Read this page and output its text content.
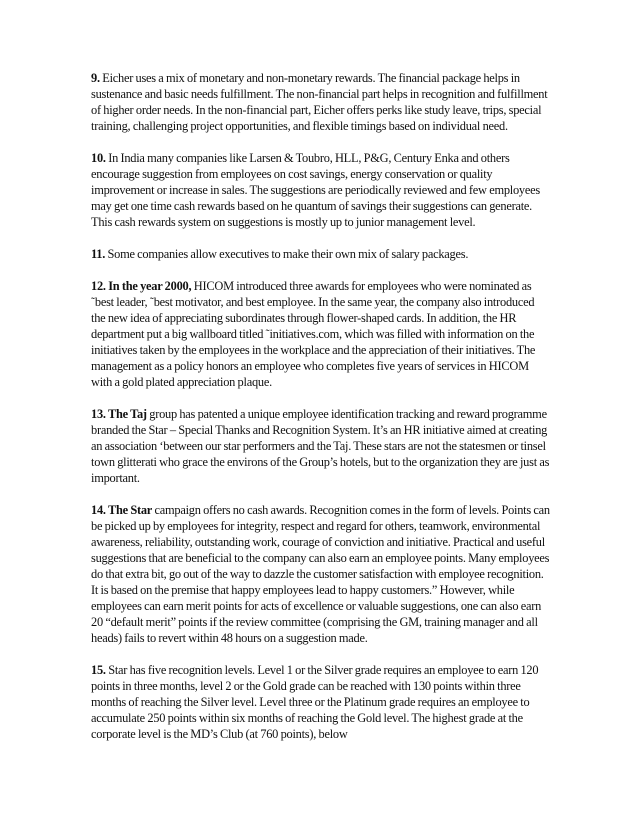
9. Eicher uses a mix of monetary and non-monetary rewards. The financial package helps in sustenance and basic needs fulfillment. The non-financial part helps in recognition and fulfillment of higher order needs. In the non-financial part, Eicher offers perks like study leave, trips, special training, challenging project opportunities, and flexible timings based on individual need.

10. In India many companies like Larsen & Toubro, HLL, P&G, Century Enka and others encourage suggestion from employees on cost savings, energy conservation or quality improvement or increase in sales. The suggestions are periodically reviewed and few employees may get one time cash rewards based on he quantum of savings their suggestions can generate. This cash rewards system on suggestions is mostly up to junior management level.

11. Some companies allow executives to make their own mix of salary packages.

12. In the year 2000, HICOM introduced three awards for employees who were nominated as ˜best leader, ˜best motivator, and best employee. In the same year, the company also introduced the new idea of appreciating subordinates through flower-shaped cards. In addition, the HR department put a big wallboard titled ˜initiatives.com, which was filled with information on the initiatives taken by the employees in the workplace and the appreciation of their initiatives. The management as a policy honors an employee who completes five years of services in HICOM with a gold plated appreciation plaque.

13. The Taj group has patented a unique employee identification tracking and reward programme branded the Star – Special Thanks and Recognition System. It’s an HR initiative aimed at creating an association ‘between our star performers and the Taj. These stars are not the statesmen or tinsel town glitterati who grace the environs of the Group’s hotels, but to the organization they are just as important.

14. The Star campaign offers no cash awards. Recognition comes in the form of levels. Points can be picked up by employees for integrity, respect and regard for others, teamwork, environmental awareness, reliability, outstanding work, courage of conviction and initiative. Practical and useful suggestions that are beneficial to the company can also earn an employee points. Many employees do that extra bit, go out of the way to dazzle the customer satisfaction with employee recognition. It is based on the premise that happy employees lead to happy customers.” However, while employees can earn merit points for acts of excellence or valuable suggestions, one can also earn 20 “default merit” points if the review committee (comprising the GM, training manager and all heads) fails to revert within 48 hours on a suggestion made.

15. Star has five recognition levels. Level 1 or the Silver grade requires an employee to earn 120 points in three months, level 2 or the Gold grade can be reached with 130 points within three months of reaching the Silver level. Level three or the Platinum grade requires an employee to accumulate 250 points within six months of reaching the Gold level. The highest grade at the corporate level is the MD’s Club (at 760 points), below
